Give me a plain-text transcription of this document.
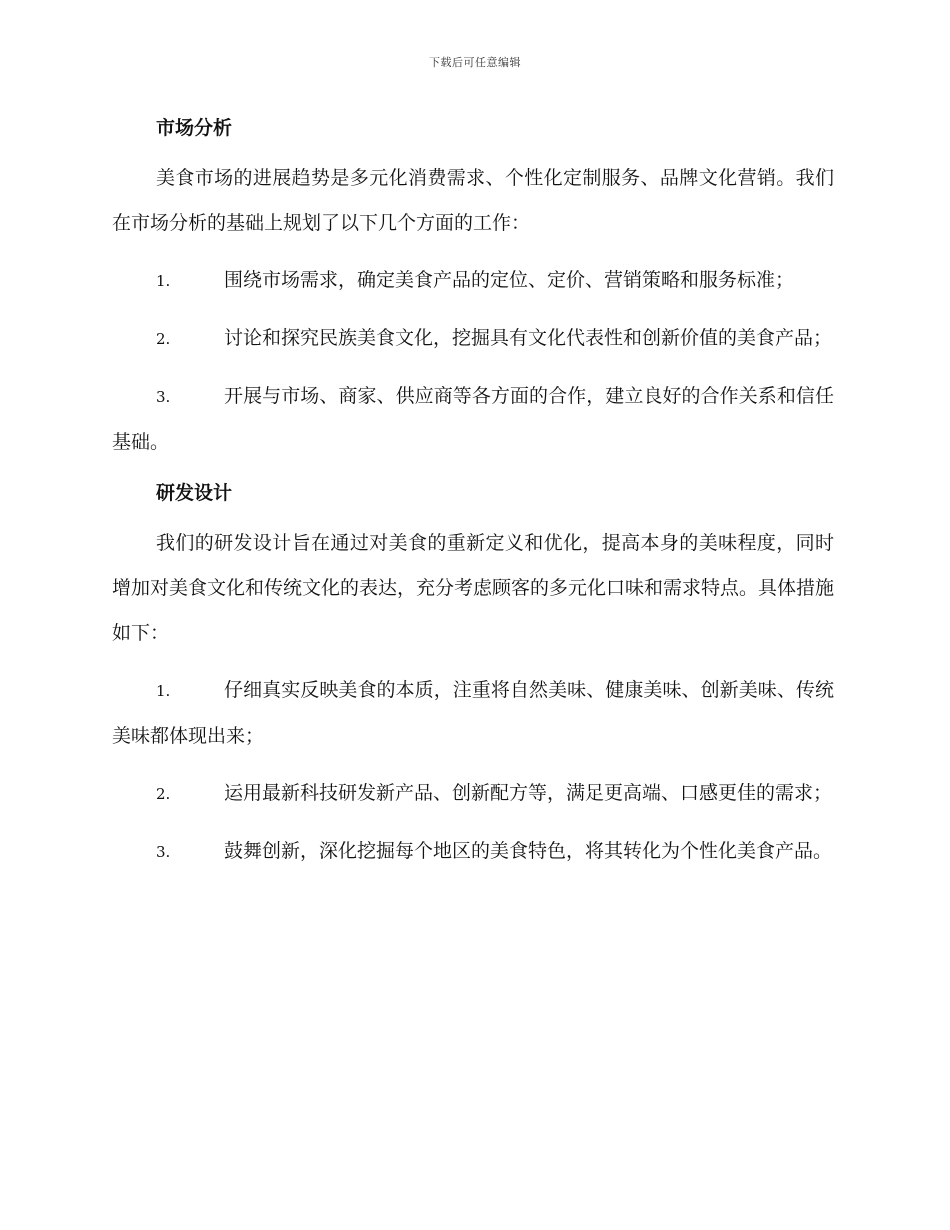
下载后可任意编辑
市场分析

美食市场的进展趋势是多元化消费需求、个性化定制服务、品牌文化营销。我们在市场分析的基础上规划了以下几个方面的工作：

1.	围绕市场需求，确定美食产品的定位、定价、营销策略和服务标准；

2.	讨论和探究民族美食文化，挖掘具有文化代表性和创新价值的美食产品；

3.	开展与市场、商家、供应商等各方面的合作，建立良好的合作关系和信任基础。

研发设计

我们的研发设计旨在通过对美食的重新定义和优化，提高本身的美味程度，同时增加对美食文化和传统文化的表达，充分考虑顾客的多元化口味和需求特点。具体措施如下：

1.	仔细真实反映美食的本质，注重将自然美味、健康美味、创新美味、传统美味都体现出来；

2.	运用最新科技研发新产品、创新配方等，满足更高端、口感更佳的需求；

3.	鼓舞创新，深化挖掘每个地区的美食特色，将其转化为个性化美食产品。
